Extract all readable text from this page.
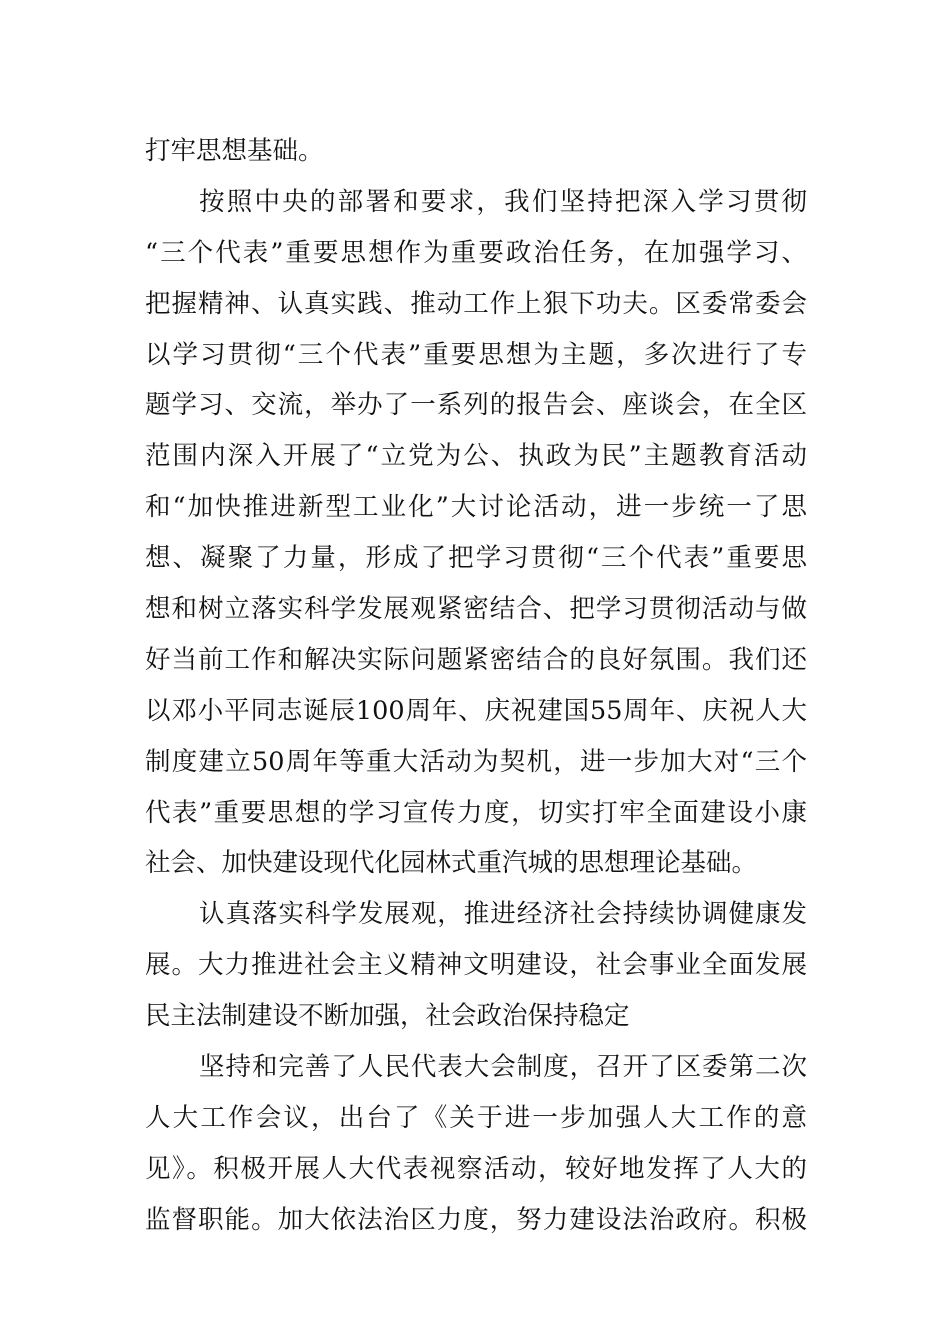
打牢思想基础。
按照中央的部署和要求，我们坚持把深入学习贯彻
“三个代表”重要思想作为重要政治任务，在加强学习、
把握精神、认真实践、推动工作上狠下功夫。区委常委会
以学习贯彻“三个代表”重要思想为主题，多次进行了专
题学习、交流，举办了一系列的报告会、座谈会，在全区
范围内深入开展了“立党为公、执政为民”主题教育活动
和“加快推进新型工业化”大讨论活动，进一步统一了思
想、凝聚了力量，形成了把学习贯彻“三个代表”重要思
想和树立落实科学发展观紧密结合、把学习贯彻活动与做
好当前工作和解决实际问题紧密结合的良好氛围。我们还
以邓小平同志诞辰100周年、庆祝建国55周年、庆祝人大
制度建立50周年等重大活动为契机，进一步加大对“三个
代表”重要思想的学习宣传力度，切实打牢全面建设小康
社会、加快建设现代化园林式重汽城的思想理论基础。
认真落实科学发展观，推进经济社会持续协调健康发
展。大力推进社会主义精神文明建设，社会事业全面发展
民主法制建设不断加强，社会政治保持稳定
坚持和完善了人民代表大会制度，召开了区委第二次
人大工作会议，出台了《关于进一步加强人大工作的意
见》。积极开展人大代表视察活动，较好地发挥了人大的
监督职能。加大依法治区力度，努力建设法治政府。积极
